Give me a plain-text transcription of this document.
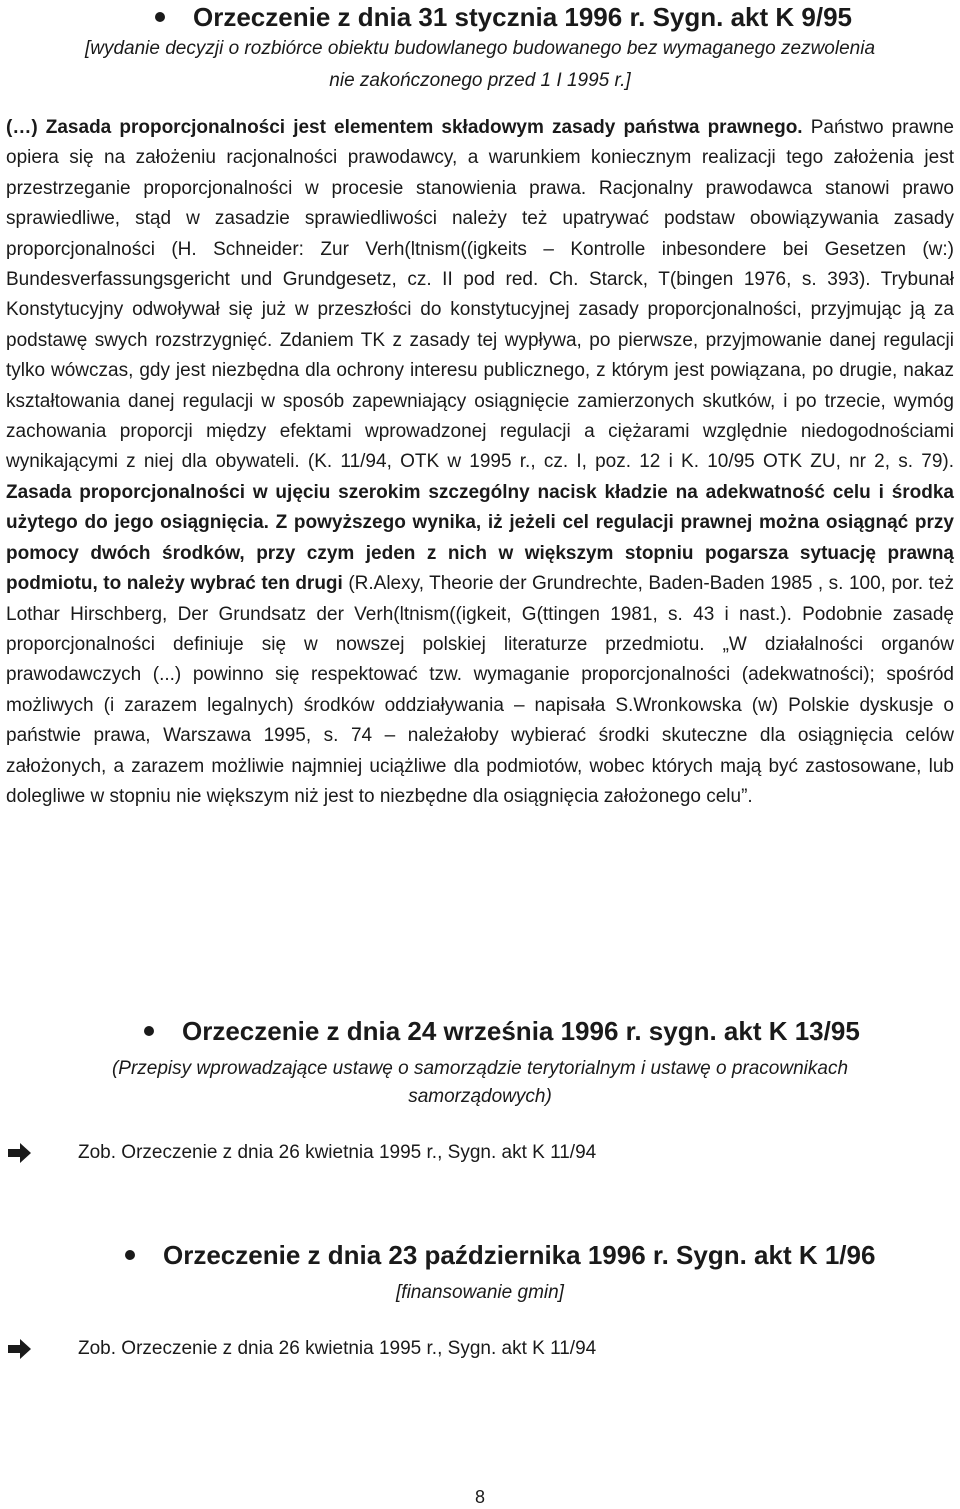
Orzeczenie z dnia 31 stycznia 1996 r. Sygn. akt K 9/95
[wydanie decyzji o rozbiórce obiektu budowlanego budowanego bez wymaganego zezwolenia
nie zakończonego przed 1 I 1995 r.]
(…) Zasada proporcjonalności jest elementem składowym zasady państwa prawnego. Państwo prawne opiera się na założeniu racjonalności prawodawcy, a warunkiem koniecznym realizacji tego założenia jest przestrzeganie proporcjonalności w procesie stanowienia prawa. Racjonalny prawodawca stanowi prawo sprawiedliwe, stąd w zasadzie sprawiedliwości należy też upatrywać podstaw obowiązywania zasady proporcjonalności (H. Schneider: Zur Verh(ltnism((igkeits – Kontrolle inbesondere bei Gesetzen (w:) Bundesverfassungsgericht und Grundgesetz, cz. II pod red. Ch. Starck, T(bingen 1976, s. 393). Trybunał Konstytucyjny odwoływał się już w przeszłości do konstytucyjnej zasady proporcjonalności, przyjmując ją za podstawę swych rozstrzygnięć. Zdaniem TK z zasady tej wypływa, po pierwsze, przyjmowanie danej regulacji tylko wówczas, gdy jest niezbędna dla ochrony interesu publicznego, z którym jest powiązana, po drugie, nakaz kształtowania danej regulacji w sposób zapewniający osiągnięcie zamierzonych skutków, i po trzecie, wymóg zachowania proporcji między efektami wprowadzonej regulacji a ciężarami względnie niedogodnościami wynikającymi z niej dla obywateli. (K. 11/94, OTK w 1995 r., cz. I, poz. 12 i K. 10/95 OTK ZU, nr 2, s. 79). Zasada proporcjonalności w ujęciu szerokim szczególny nacisk kładzie na adekwatność celu i środka użytego do jego osiągnięcia. Z powyższego wynika, iż jeżeli cel regulacji prawnej można osiągnąć przy pomocy dwóch środków, przy czym jeden z nich w większym stopniu pogarsza sytuację prawną podmiotu, to należy wybrać ten drugi (R.Alexy, Theorie der Grundrechte, Baden-Baden 1985 , s. 100, por. też Lothar Hirschberg, Der Grundsatz der Verh(ltnism((igkeit, G(ttingen 1981, s. 43 i nast.). Podobnie zasadę proporcjonalności definiuje się w nowszej polskiej literaturze przedmiotu. „W działalności organów prawodawczych (...) powinno się respektować tzw. wymaganie proporcjonalności (adekwatności); spośród możliwych (i zarazem legalnych) środków oddziaływania – napisała S.Wronkowska (w) Polskie dyskusje o państwie prawa, Warszawa 1995, s. 74 – należałoby wybierać środki skuteczne dla osiągnięcia celów założonych, a zarazem możliwie najmniej uciążliwe dla podmiotów, wobec których mają być zastosowane, lub dolegliwe w stopniu nie większym niż jest to niezbędne dla osiągnięcia założonego celu”.
Orzeczenie z dnia 24 września 1996 r. sygn. akt K 13/95
(Przepisy wprowadzające ustawę o samorządzie terytorialnym i ustawę o pracownikach
samorządowych)
Zob. Orzeczenie z dnia 26 kwietnia 1995 r., Sygn. akt K 11/94
Orzeczenie z dnia 23 października 1996 r. Sygn. akt K 1/96
[finansowanie gmin]
Zob. Orzeczenie z dnia 26 kwietnia 1995 r., Sygn. akt K 11/94
8
